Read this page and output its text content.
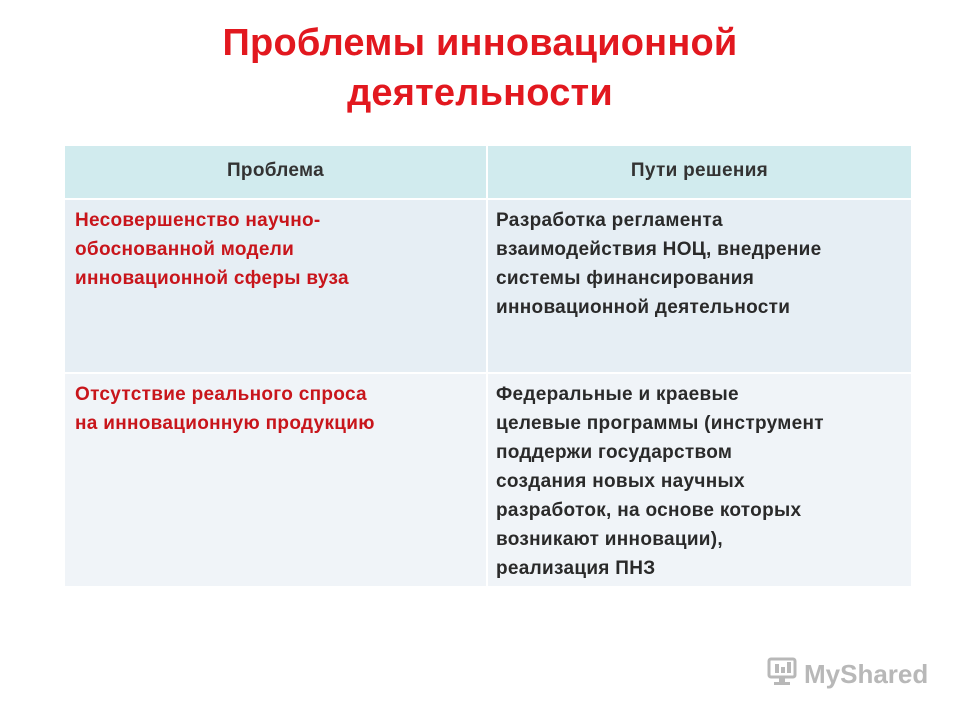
Проблемы инновационной
деятельности
Проблема	Пути решения
Несовершенство научно-
обоснованной модели
инновационной сферы вуза
Разработка регламента
взаимодействия НОЦ, внедрение
системы финансирования
инновационной деятельности
Отсутствие реального спроса
на инновационную продукцию
Федеральные и краевые
целевые программы (инструмент
поддержи государством
создания новых научных
разработок, на основе которых
возникают инновации),
реализация ПНЗ
MyShared
